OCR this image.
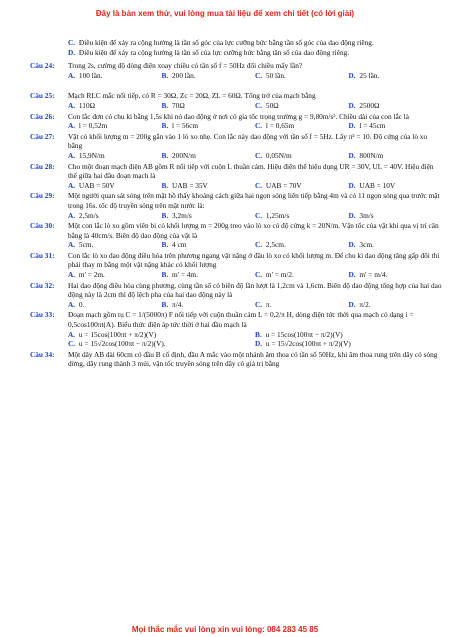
Đây là bản xem thử, vui lòng mua tài liệu để xem chi tiết (có lời giải)
C. Điều kiện để xảy ra cộng hưởng là tần số góc của lực cưỡng bức bằng tần số góc của dao động riêng.
D. Điều kiện để xảy ra cộng hưởng là tần số của lực cưỡng bức bằng tần số của dao động riêng.
Câu 24: Trong 2s, cường độ dòng điện xoay chiều có tần số f = 50Hz đổi chiều mấy lần?
A. 100 lần.	B. 200 lần.	C. 50 lần.	D. 25 lần.
Câu 25: Mạch RLC mắc nối tiếp, có R = 30Ω, Zc = 20Ω, ZL = 60Ω. Tổng trở của mạch bằng
A. 110Ω	B. 70Ω	C. 50Ω	D. 2500Ω
Câu 26: Con lắc đơn có chu kì bằng 1,5s khi nó dao động ở nơi có gia tốc trọng trường g = 9,80m/s². Chiều dài của con lắc là
A. l = 0,52m	B. l = 56cm	C. l = 0,65m	D. l = 45cm
Câu 27: Vật có khối lượng m = 200g gắn vào 1 lò xo nhẹ. Con lắc này dao động với tần số f = 5Hz. Lấy π² = 10. Độ cứng của lò xo bằng
A. 15,9N/m	B. 200N/m	C. 0,05N/m	D. 800N/m
Câu 28: Cho một đoạn mạch điện AB gồm R nối tiếp với cuộn L thuần cảm. Hiệu điện thế hiệu dụng UR = 30V, UL = 40V. Hiệu điện thế giữa hai đầu đoạn mạch là
A. UAB = 50V	B. UAB = 35V	C. UAB = 70V	D. UAB = 10V
Câu 29: Một người quan sát sóng trên mặt hồ thấy khoảng cách giữa hai ngọn sóng liên tiếp bằng 4m và có 11 ngọn sóng qua trước mặt trong 16s. tốc độ truyền sóng trên mặt nước là:
A. 2,5m/s	B. 3,2m/s	C. 1,25m/s	D. 3m/s
Câu 30: Một con lắc lò xo gồm viên bi có khối lượng m = 200g treo vào lò xo có độ cứng k = 20N/m. Vận tốc của vật khi qua vị trí cân bằng là 40cm/s. Biên độ dao động của vật là
A. 5cm.	B. 4 cm	C. 2,5cm.	D. 3cm.
Câu 31: Con lắc lò xo dao động điều hòa trên phương ngang vật nặng ở đầu lò xo có khối lượng m. Để chu kì dao động tăng gấp đôi thì phải thay m bằng một vật nặng khác có khối lượng
A. m' = 2m.	B. m' = 4m.	C. m' = m/2.	D. m' = m/4.
Câu 32: Hai dao động điều hòa cùng phương, cùng tần số có biên độ lần lượt là 1,2cm và 1,6cm. Biên độ dao động tổng hợp của hai dao động này là 2cm thì độ lệch pha của hai dao động này là
A. 0.	B. π/4.	C. π.	D. π/2.
Câu 33: Đoạn mạch gồm tụ C = 1/(5000π) F nối tiếp với cuộn thuần cảm L = 0,2/π H, dòng điện tức thời qua mạch có dạng i = 0,5cos100πt(A). Biểu thức điện áp tức thời ở hai đầu mạch là
A. u = 15cos(100πt + π/2)(V)	B. u = 15cos(100πt − π/2)(V)
C. u = 15√2cos(100πt − π/2)(V).	D. u = 15√2cos(100πt + π/2)(V)
Câu 34: Một dây AB dài 60cm có đầu B cố định, đầu A mắc vào một nhánh âm thoa có tần số 50Hz, khi âm thoa rung trên dây có sóng dừng, dây rung thành 3 múi, vận tốc truyền sóng trên dây có giá trị bằng
Mọi thắc mắc vui lòng xin vui lòng: 084 283 45 85
